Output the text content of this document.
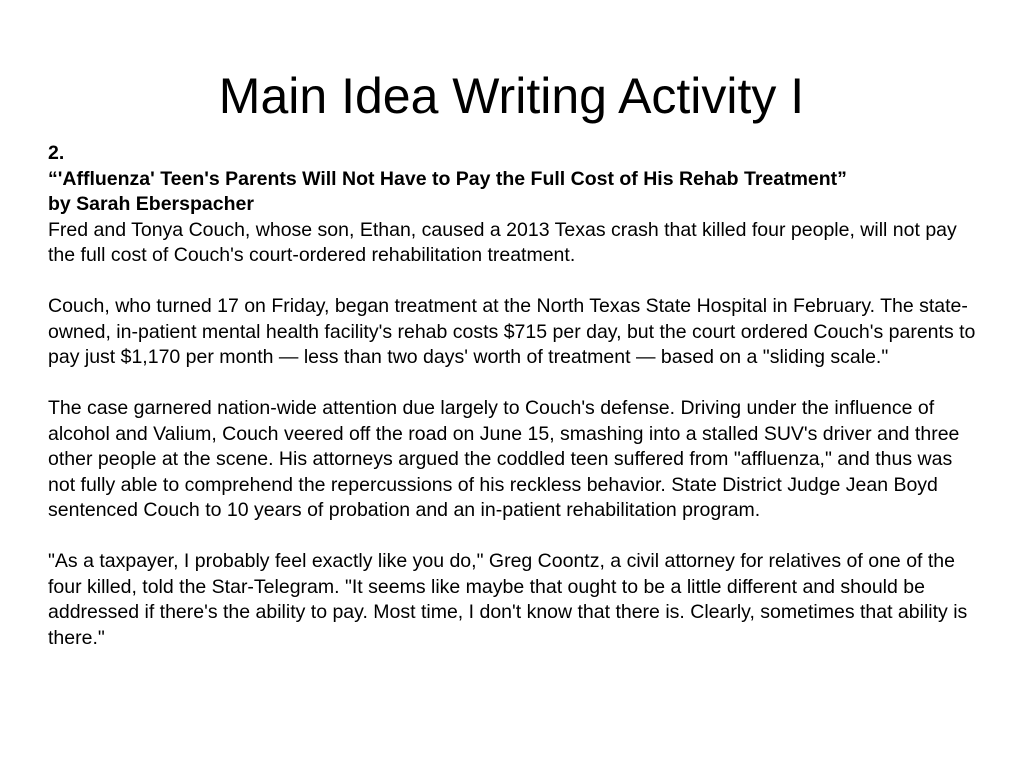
Main Idea Writing Activity I

2.

“'Affluenza' Teen's Parents Will Not Have to Pay the Full Cost of His Rehab Treatment”

by Sarah Eberspacher

Fred and Tonya Couch, whose son, Ethan, caused a 2013 Texas crash that killed four people, will not pay the full cost of Couch's court-ordered rehabilitation treatment.

Couch, who turned 17 on Friday, began treatment at the North Texas State Hospital in February. The state-owned, in-patient mental health facility's rehab costs $715 per day, but the court ordered Couch's parents to pay just $1,170 per month — less than two days' worth of treatment — based on a "sliding scale."

The case garnered nation-wide attention due largely to Couch's defense. Driving under the influence of alcohol and Valium, Couch veered off the road on June 15, smashing into a stalled SUV's driver and three other people at the scene. His attorneys argued the coddled teen suffered from "affluenza," and thus was not fully able to comprehend the repercussions of his reckless behavior. State District Judge Jean Boyd sentenced Couch to 10 years of probation and an in-patient rehabilitation program.

"As a taxpayer, I probably feel exactly like you do," Greg Coontz, a civil attorney for relatives of one of the four killed, told the Star-Telegram. "It seems like maybe that ought to be a little different and should be addressed if there's the ability to pay. Most time, I don't know that there is. Clearly, sometimes that ability is there."
